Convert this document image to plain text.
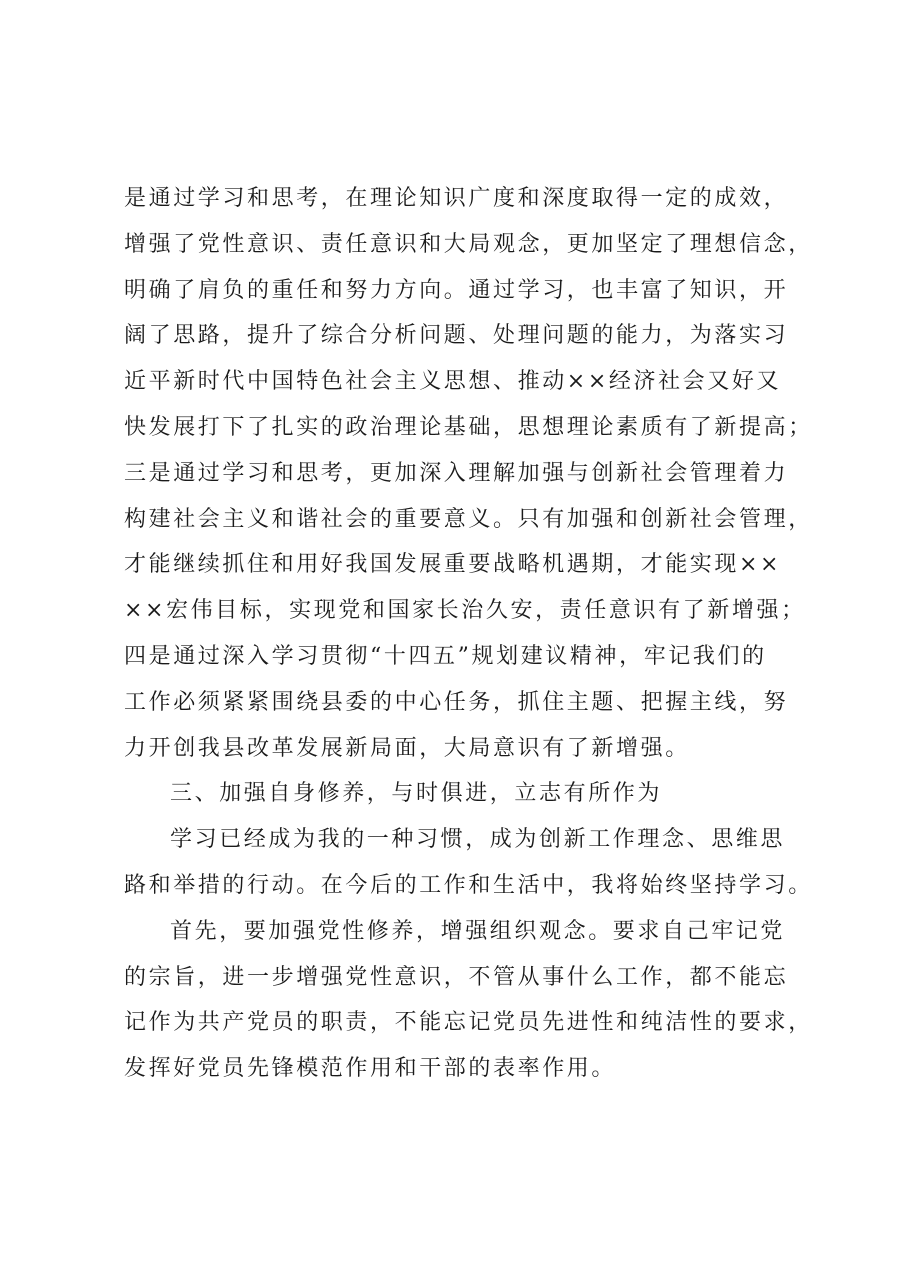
是通过学习和思考，在理论知识广度和深度取得一定的成效，
增强了党性意识、责任意识和大局观念，更加坚定了理想信念，
明确了肩负的重任和努力方向。通过学习，也丰富了知识，开
阔了思路，提升了综合分析问题、处理问题的能力，为落实习
近平新时代中国特色社会主义思想、推动××经济社会又好又
快发展打下了扎实的政治理论基础，思想理论素质有了新提高；
三是通过学习和思考，更加深入理解加强与创新社会管理着力
构建社会主义和谐社会的重要意义。只有加强和创新社会管理，
才能继续抓住和用好我国发展重要战略机遇期，才能实现××
××宏伟目标，实现党和国家长治久安，责任意识有了新增强；
四是通过深入学习贯彻“十四五”规划建议精神，牢记我们的
工作必须紧紧围绕县委的中心任务，抓住主题、把握主线，努
力开创我县改革发展新局面，大局意识有了新增强。
三、加强自身修养，与时俱进，立志有所作为
学习已经成为我的一种习惯，成为创新工作理念、思维思
路和举措的行动。在今后的工作和生活中，我将始终坚持学习。
首先，要加强党性修养，增强组织观念。要求自己牢记党
的宗旨，进一步增强党性意识，不管从事什么工作，都不能忘
记作为共产党员的职责，不能忘记党员先进性和纯洁性的要求，
发挥好党员先锋模范作用和干部的表率作用。
